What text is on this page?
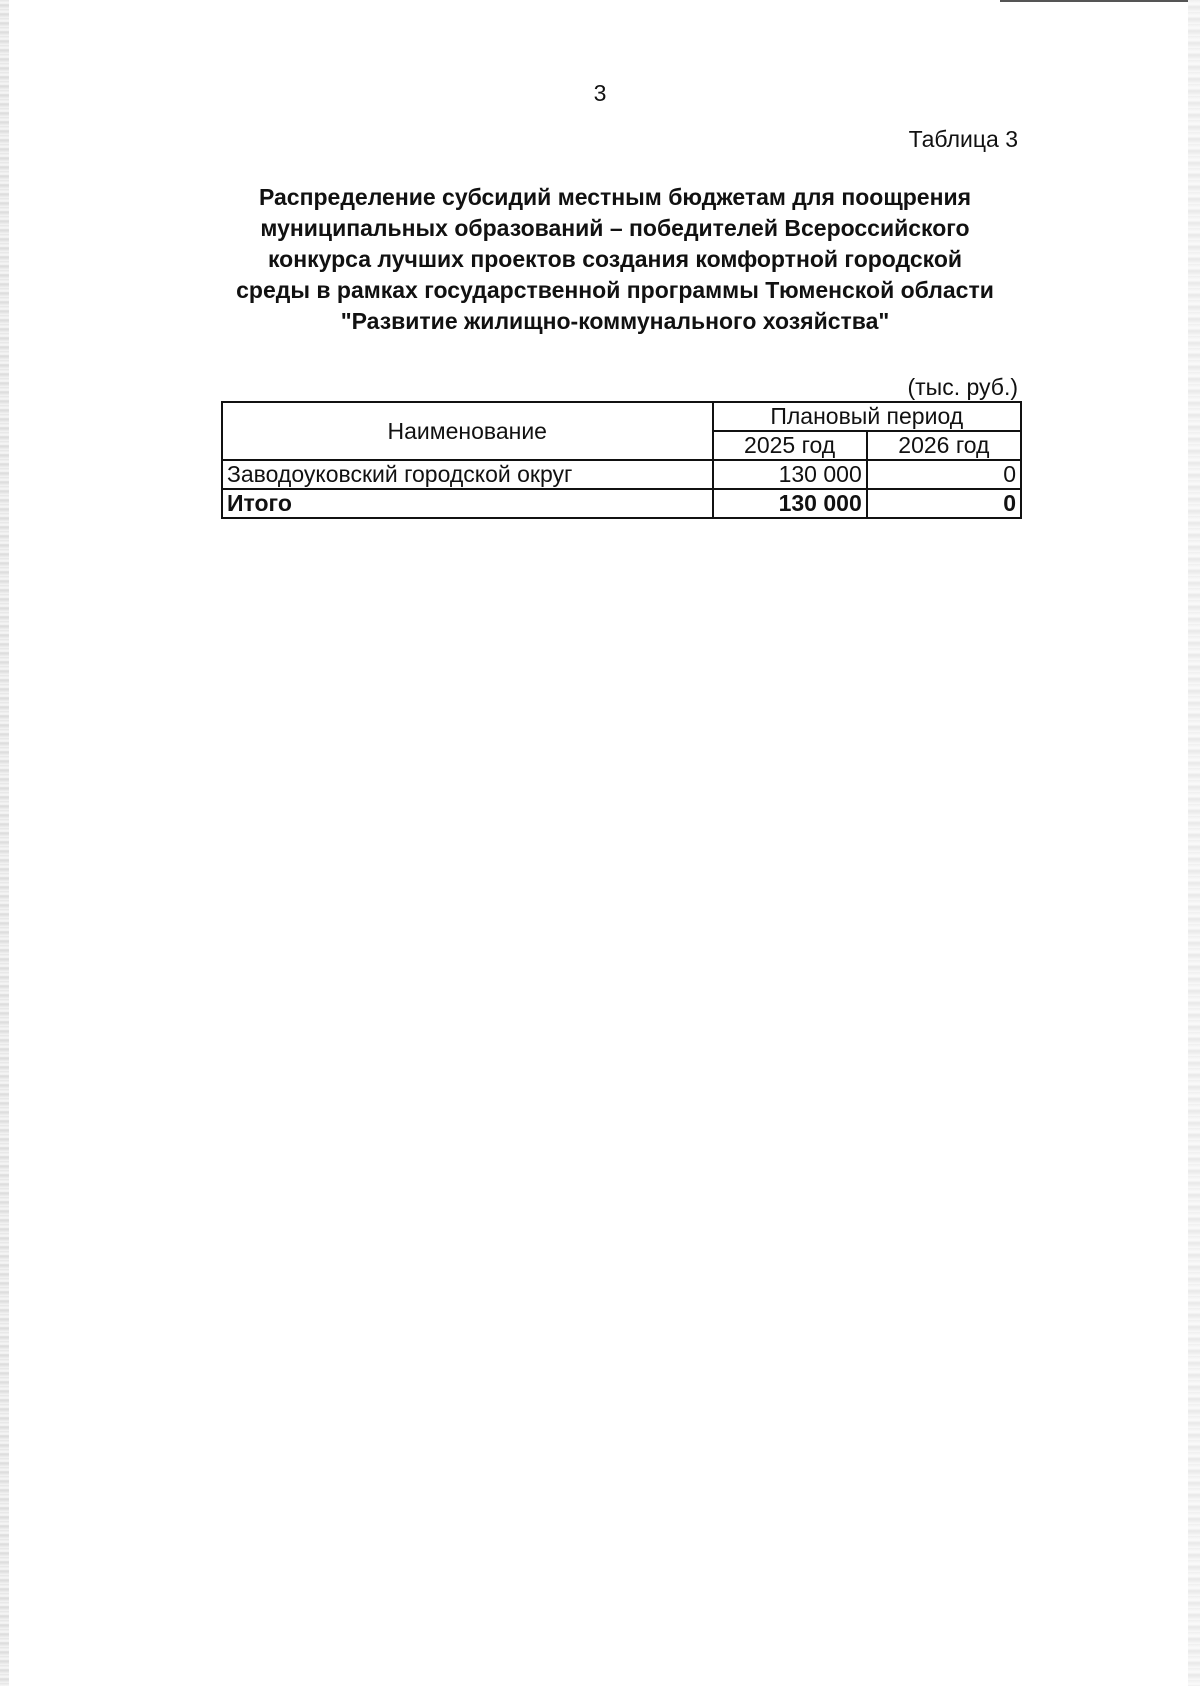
3
Таблица 3
Распределение субсидий местным бюджетам для поощрения
муниципальных образований – победителей Всероссийского
конкурса лучших проектов создания комфортной городской
среды в рамках государственной программы Тюменской области
"Развитие жилищно-коммунального хозяйства"
(тыс. руб.)
Наименование	Плановый период	
	2025 год	2026 год
Заводоуковский городской округ	130 000	0
Итого	130 000	0
